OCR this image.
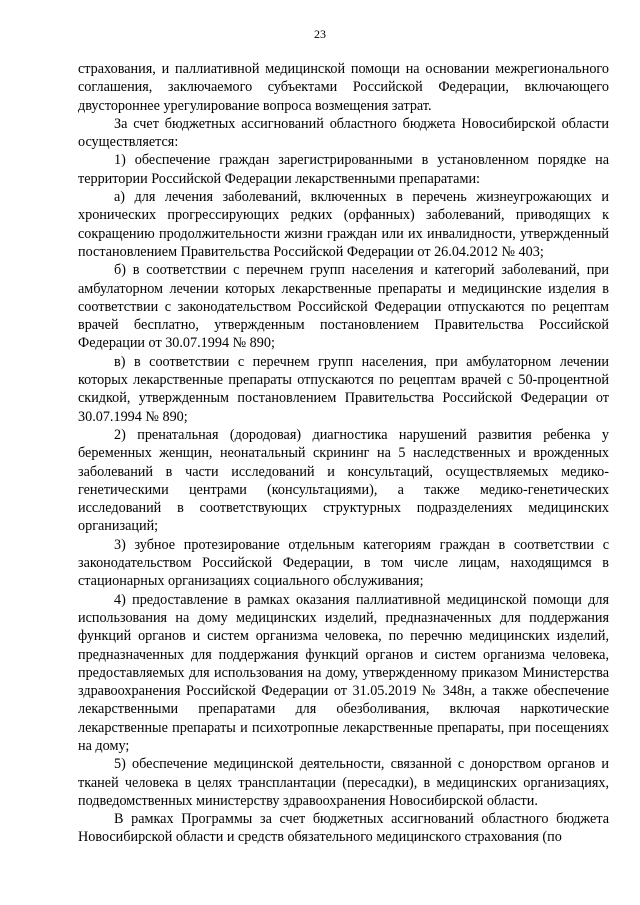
23

страхования, и паллиативной медицинской помощи на основании межрегионального соглашения, заключаемого субъектами Российской Федерации, включающего двустороннее урегулирование вопроса возмещения затрат.

За счет бюджетных ассигнований областного бюджета Новосибирской области осуществляется:

1) обеспечение граждан зарегистрированными в установленном порядке на территории Российской Федерации лекарственными препаратами:

а) для лечения заболеваний, включенных в перечень жизнеугрожающих и хронических прогрессирующих редких (орфанных) заболеваний, приводящих к сокращению продолжительности жизни граждан или их инвалидности, утвержденный постановлением Правительства Российской Федерации от 26.04.2012 № 403;

б) в соответствии с перечнем групп населения и категорий заболеваний, при амбулаторном лечении которых лекарственные препараты и медицинские изделия в соответствии с законодательством Российской Федерации отпускаются по рецептам врачей бесплатно, утвержденным постановлением Правительства Российской Федерации от 30.07.1994 № 890;

в) в соответствии с перечнем групп населения, при амбулаторном лечении которых лекарственные препараты отпускаются по рецептам врачей с 50-процентной скидкой, утвержденным постановлением Правительства Российской Федерации от 30.07.1994 № 890;

2) пренатальная (дородовая) диагностика нарушений развития ребенка у беременных женщин, неонатальный скрининг на 5 наследственных и врожденных заболеваний в части исследований и консультаций, осуществляемых медико-генетическими центрами (консультациями), а также медико-генетических исследований в соответствующих структурных подразделениях медицинских организаций;

3) зубное протезирование отдельным категориям граждан в соответствии с законодательством Российской Федерации, в том числе лицам, находящимся в стационарных организациях социального обслуживания;

4) предоставление в рамках оказания паллиативной медицинской помощи для использования на дому медицинских изделий, предназначенных для поддержания функций органов и систем организма человека, по перечню медицинских изделий, предназначенных для поддержания функций органов и систем организма человека, предоставляемых для использования на дому, утвержденному приказом Министерства здравоохранения Российской Федерации от 31.05.2019 № 348н, а также обеспечение лекарственными препаратами для обезболивания, включая наркотические лекарственные препараты и психотропные лекарственные препараты, при посещениях на дому;

5) обеспечение медицинской деятельности, связанной с донорством органов и тканей человека в целях трансплантации (пересадки), в медицинских организациях, подведомственных министерству здравоохранения Новосибирской области.

В рамках Программы за счет бюджетных ассигнований областного бюджета Новосибирской области и средств обязательного медицинского страхования (по
